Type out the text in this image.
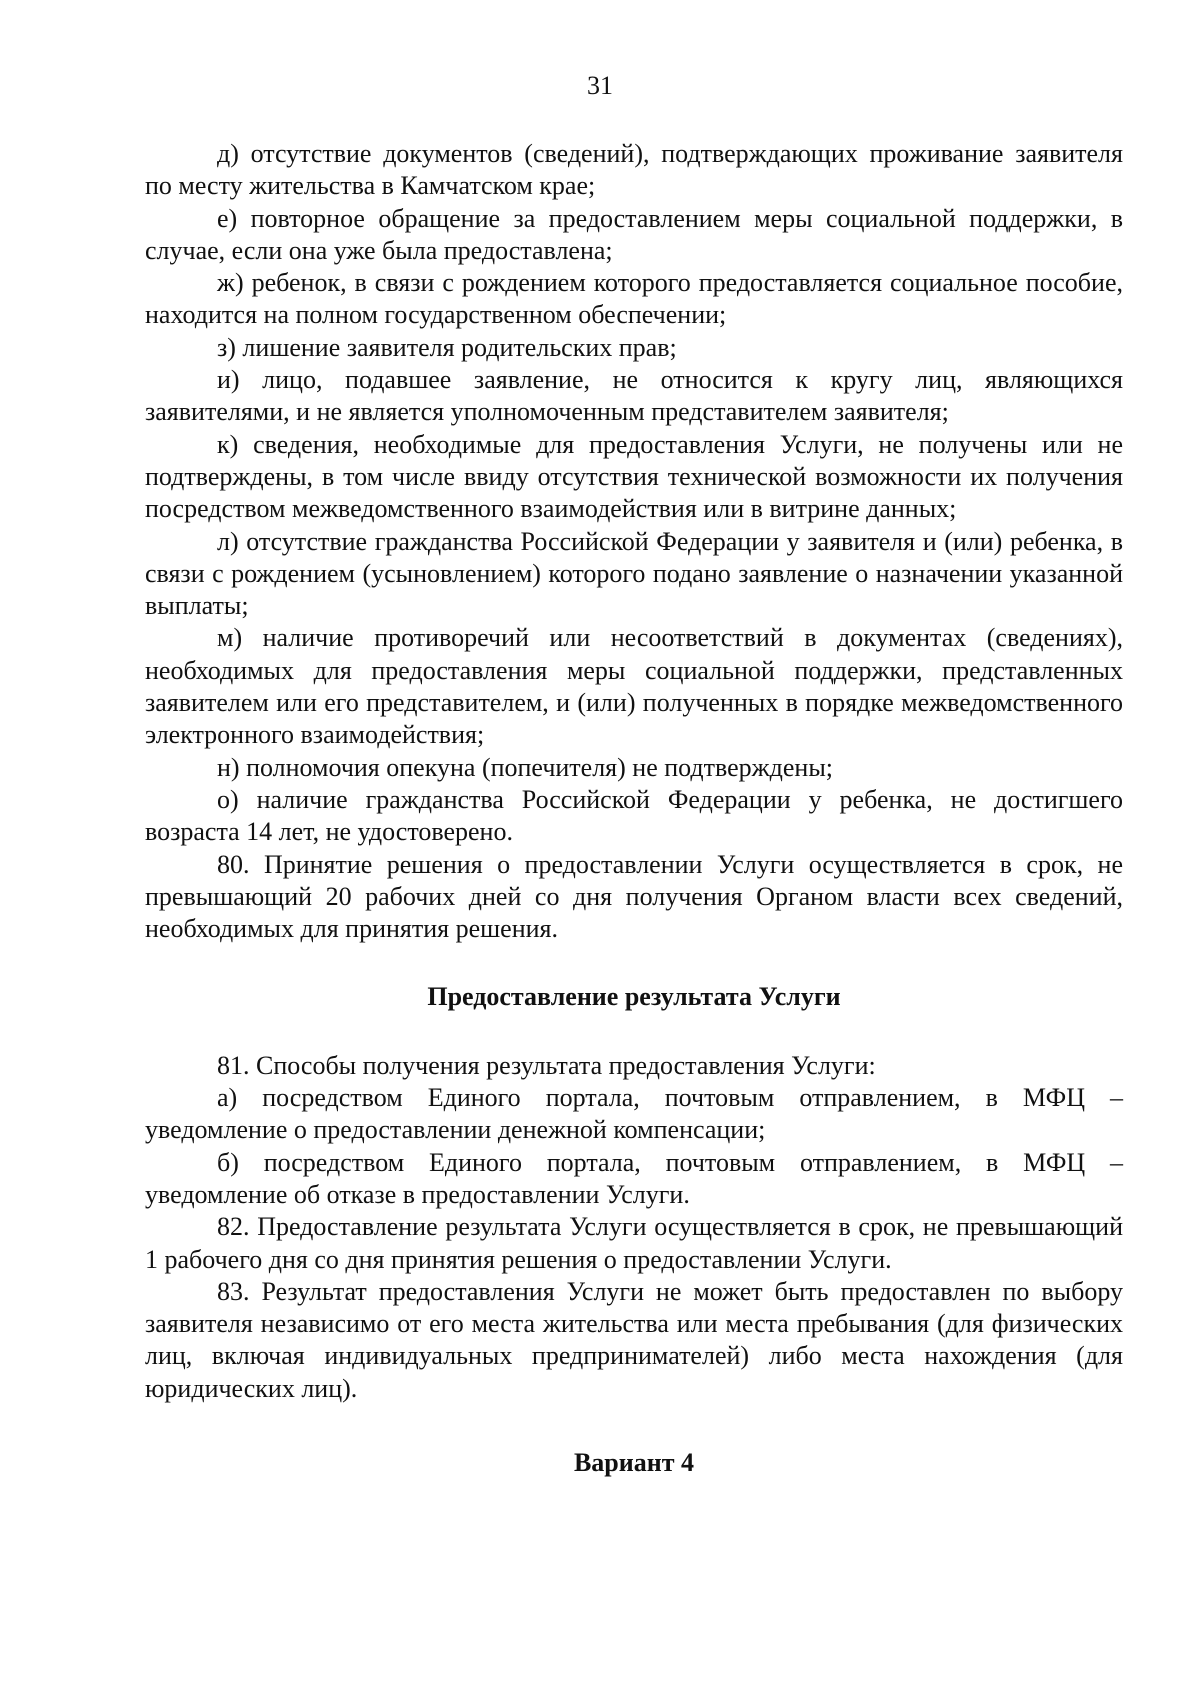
31

д) отсутствие документов (сведений), подтверждающих проживание заявителя по месту жительства в Камчатском крае;

е) повторное обращение за предоставлением меры социальной поддержки, в случае, если она уже была предоставлена;

ж) ребенок, в связи с рождением которого предоставляется социальное пособие, находится на полном государственном обеспечении;

з) лишение заявителя родительских прав;

и) лицо, подавшее заявление, не относится к кругу лиц, являющихся заявителями, и не является уполномоченным представителем заявителя;

к) сведения, необходимые для предоставления Услуги, не получены или не подтверждены, в том числе ввиду отсутствия технической возможности их получения посредством межведомственного взаимодействия или в витрине данных;

л) отсутствие гражданства Российской Федерации у заявителя и (или) ребенка, в связи с рождением (усыновлением) которого подано заявление о назначении указанной выплаты;

м) наличие противоречий или несоответствий в документах (сведениях), необходимых для предоставления меры социальной поддержки, представленных заявителем или его представителем, и (или) полученных в порядке межведомственного электронного взаимодействия;

н) полномочия опекуна (попечителя) не подтверждены;

о) наличие гражданства Российской Федерации у ребенка, не достигшего возраста 14 лет, не удостоверено.

80. Принятие решения о предоставлении Услуги осуществляется в срок, не превышающий 20 рабочих дней со дня получения Органом власти всех сведений, необходимых для принятия решения.

Предоставление результата Услуги

81. Способы получения результата предоставления Услуги:

а) посредством Единого портала, почтовым отправлением, в МФЦ – уведомление о предоставлении денежной компенсации;

б) посредством Единого портала, почтовым отправлением, в МФЦ – уведомление об отказе в предоставлении Услуги.

82. Предоставление результата Услуги осуществляется в срок, не превышающий 1 рабочего дня со дня принятия решения о предоставлении Услуги.

83. Результат предоставления Услуги не может быть предоставлен по выбору заявителя независимо от его места жительства или места пребывания (для физических лиц, включая индивидуальных предпринимателей) либо места нахождения (для юридических лиц).

Вариант 4
